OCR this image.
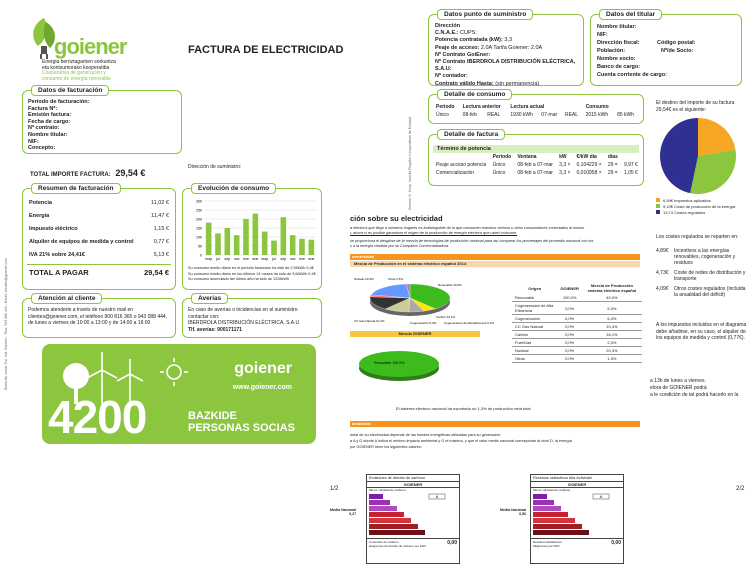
Domicilio social: Pol. Ind. Goiener - Tfno: 943 088 444 - Email: clientes@goiener.com
goiener
Energia berriztagarrien sorkuntza
eta kontsumorako kooperatiba
Cooperativa de generación y
consumo de energía renovable
FACTURA DE ELECTRICIDAD
Datos de facturación
Periodo de facturación:
Factura Nº:
Emisión factura:
Fecha de cargo:
Nº contrato:
Nombre titular:
NIF:
Concepto:
TOTAL IMPORTE FACTURA: 29,54 €
Dirección de suministro:
Resumen de facturación
Potencia	11,02 €
Energía	11,47 €
Impuesto eléctrico	1,15 €
Alquiler de equipos de medida y control	0,77 €
IVA 21% sobre 24,41€	5,13 €
TOTAL A PAGAR	29,54 €
Evolución de consumo
300
250
200
150
100
50
0
may jul sep nov ene mar may jul sep nov ene mar
Su consumo medio diario en el periodo facturado ha sido de 2,95kWh 0,4€
Su consumo medio diario en los últimos 14 meses ha sido de 3,66kWh 0,4€
Su consumo acumulado del último año ha sido de 1226kWh
Atención al cliente
Podemos atenderle a través de nuestro mail en clientes@goiener.com, el teléfono 900 816 365 o 943 088 444, de lunes a viernes de 10:00 a 13:00 y de 14:00 a 16:00
Averías
En caso de averías o incidencias en el suministro contactar con:
IBERDROLA DISTRIBUCIÓN ELÉCTRICA, S.A.U
Tlf. averías: 900171171
goiener
www.goiener.com
4200	BAZKIDE
PERSONAS SOCIAS
1/2
Goiener S. Coop. Inscrita Registro Cooperativas de Euskadi
Datos punto de suministro
Dirección
C.N.A.E.: CUPS:
Potencia contratada (kW): 3,3
Peaje de acceso: 2.0A Tarifa Goiener: 2.0A
Nº Contrato GoiEner:
Nº Contrato IBERDROLA DISTRIBUCIÓN ELÉCTRICA, S.A.U:
Nº contador:
Contrato válido Hasta: (sin permanencia)
Datos del titular
Nombre titular:
NIF:
Dirección fiscal:
Población:
Nombre socio:
Banco de cargo:
Cuenta corriente de cargo:
Código postal:
Nº/de Socio:
Detalle de consumo
Periodo	Lectura anterior		Lectura actual			Consumo	
Único	08-feb	REAL	1930 kWh	07-mar	REAL	2015 kWh	85 kWh
Detalle de factura
Término de potencia
	Periodo	Ventana	kW	€/kW día	días	
Peaje acceso potencia	Único	08-feb a 07-mar	3,3 ×	0,104229 ×	29 =	9,97 €
Comercialización	Único	08-feb a 07-mar	3,3 ×	0,010958 ×	29 =	1,05 €
El destino del importe de su factura 29,54€ es el siguiente:
6,59€ Impuestos aplicados
9,10€ Coste de producción de la energía
13,74 Costes regulados
Los costes regulados se reparten en:
4,89€	Incentivos a las energías renovables, cogeneración y residuos
4,73€	Coste de redes de distribución y transporte
4,09€	Otros costes regulados (incluida la anualidad del déficit)
A los impuestos incluidos en el diagrama debe añadirse, en su caso, el alquiler de los equipos de medida y control (0,77€).
ción sobre su electricidad
a eléctrica que llega a nuestros hogares es indistinguible de la que consumen nuestros vecinos u otros consumidores conectados al mismo
r, ahora sí es posible garantizar el origen de la producción de energía eléctrica que usted consume.
se proporciona el desglose de la mezcla de tecnologías de producción nacional para así comparar los porcentajes del promedio nacional con los
s a la energía vendida por su Compañía Comercializadora.
electricidad
Mezcla de Producción en el sistema eléctrico español 2014
Nuclear 20,3%	Otras 1,5%
Renovable 40,0%
CC Gas Natural 10,4%	Cogeneración 6,3%
Carbón 16,1%
Cogeneración de Alta Eficiencia 5,3%
Mezcla GOIENER
Renovable 100,0%
Origen	GOIENER	Mezcla de Producción sistema eléctrico español
Renovable	100,0%	40,0%
Cogeneración de Alta Eficiencia	0,0%	5,3%
Cogeneración	0,0%	6,3%
CC Gas Natural	0,0%	10,4%
Carbón	0,0%	16,1%
Fuel/Gas	0,0%	2,3%
Nuclear	0,0%	20,3%
Otras	0,0%	1,5%
El sistema eléctrico nacional ha exportado un 1,3% de producción neta total
ambiental
ental de su electricidad depende de las fuentes energéticas utilizadas para su generación
a A y G donde A indica el mínimo impacto ambiental y G el máximo, y que el valor medio nacional corresponde al nivel D, la energía
por GOIENER tiene los siguientes valores:
Media Nacional
0,27
Emisiones de dióxido de carbono
GOIENER
Menor cantidad de carbono
A
Contenido de carbono
kilogramos de dióxido de carbono por kWh	0,00
Media Nacional
0,56
Residuos radiactivos Alta Actividad
GOIENER
Menor cantidad de residuos
A
Residuos Radiactivos
Miligramos por kWh	0,00
2/2
a 13h de lunes a viernes.
elora de GOIENER podrá
a le condición de tal podrá hacerlo en la
